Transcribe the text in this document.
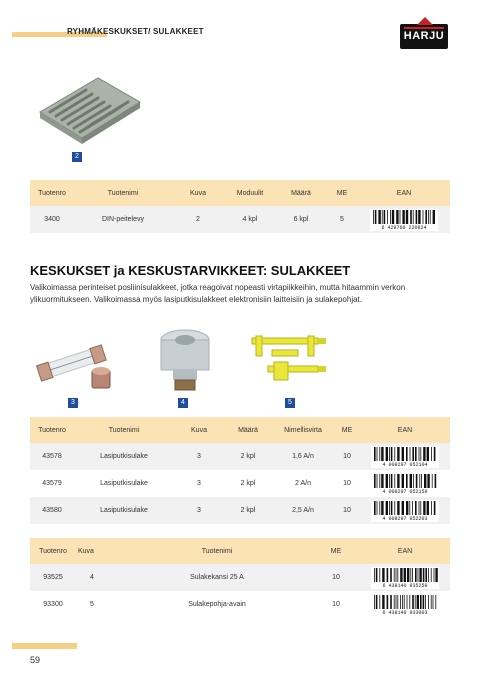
RYHMÄKESKUKSET/ SULAKKEET	HARJU
2
Tuotenro	Tuotenimi	Kuva	Moduulit	Määrä	ME	EAN
3400	DIN-peitelevy	2	4 kpl	6 kpl	5	6 429760 220824
KESKUKSET ja KESKUSTARVIKKEET: SULAKKEET
Valikoimassa perinteiset posliinisulakkeet, jotka reagoivat nopeasti virtapiikkeihin, mutta hitaammin verkon ylikuormitukseen. Valikoimassa myös lasiputkisulakkeet elektronisiin laitteisiin ja sulakepohjat.
3	4	5
Tuotenro	Tuotenimi	Kuva	Määrä	Nimellisvirta	ME	EAN
43578	Lasiputkisulake	3	2 kpl	1,6 A/n	10	4 008297 052104

43579	Lasiputkisulake	3	2 kpl	2 A/n	10	4 008297 052159

43580	Lasiputkisulake	3	2 kpl	2,5 A/n	10	4 008297 052203
Tuotenro	Kuva	Tuotenimi	ME	EAN
93525	4	Sulakekansi 25 A	10	6 438140 935250

93300	5	Sulakepohja-avain	10	6 438140 933003
59
